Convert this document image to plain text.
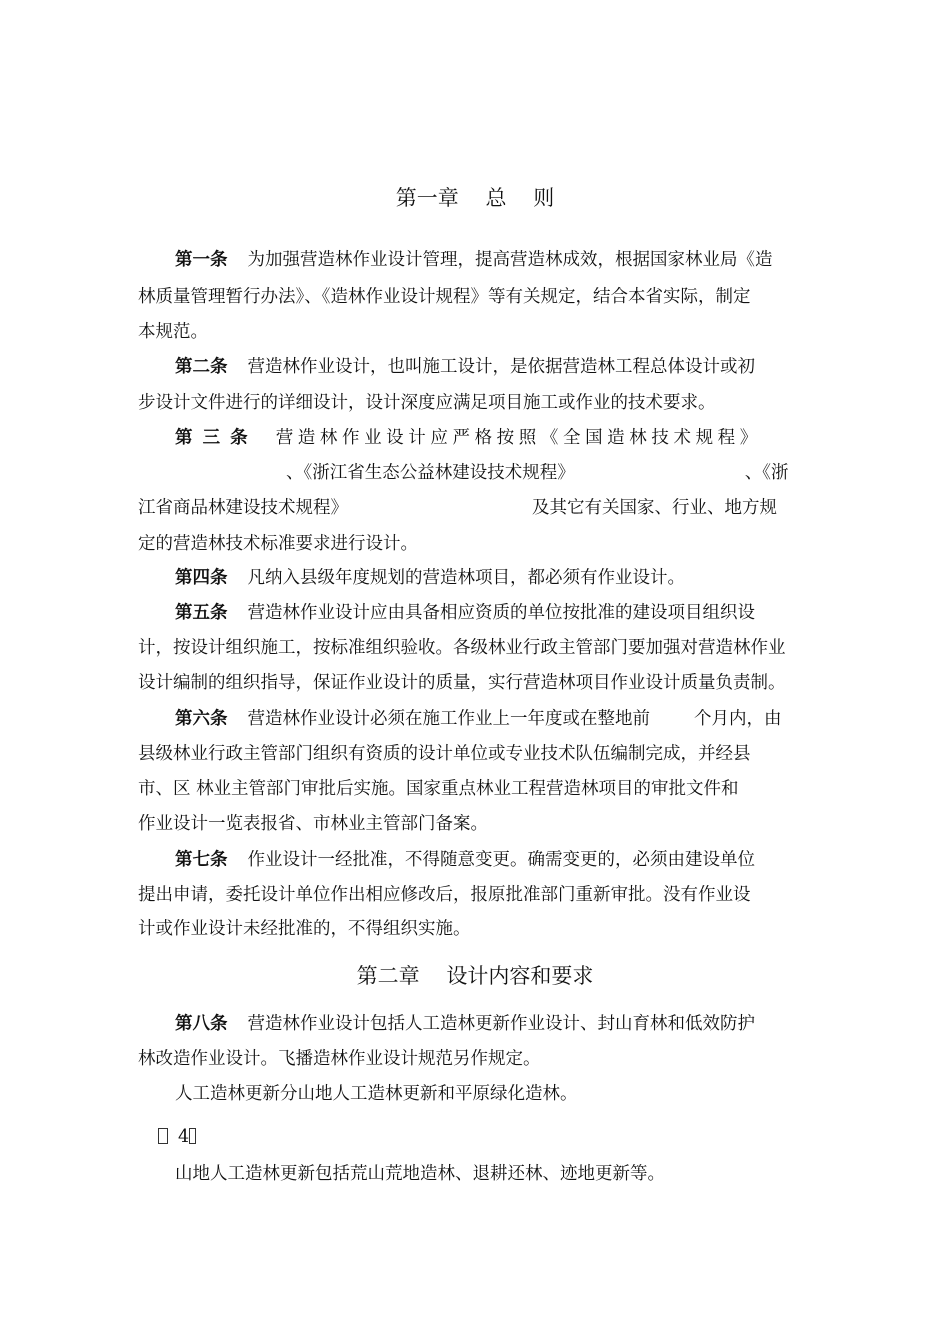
第一章    总    则
第一条 为加强营造林作业设计管理，提高营造林成效，根据国家林业局《造
林质量管理暂行办法》、《造林作业设计规程》等有关规定，结合本省实际，制定
本规范。
第二条 营造林作业设计，也叫施工设计，是依据营造林工程总体设计或初
步设计文件进行的详细设计，设计深度应满足项目施工或作业的技术要求。
第 三 条 营造林作业设计应严格按照《全国造林技术规程》
、《浙江省生态公益林建设技术规程》	、《浙
江省商品林建设技术规程》	及其它有关国家、行业、地方规
定的营造林技术标准要求进行设计。
第四条 凡纳入县级年度规划的营造林项目，都必须有作业设计。
第五条 营造林作业设计应由具备相应资质的单位按批准的建设项目组织设
计，按设计组织施工，按标准组织验收。各级林业行政主管部门要加强对营造林作业
设计编制的组织指导，保证作业设计的质量，实行营造林项目作业设计质量负责制。
第六条 营造林作业设计必须在施工作业上一年度或在整地前	个月内，由
县级林业行政主管部门组织有资质的设计单位或专业技术队伍编制完成，并经县
市、区 林业主管部门审批后实施。国家重点林业工程营造林项目的审批文件和
作业设计一览表报省、市林业主管部门备案。
第七条 作业设计一经批准，不得随意变更。确需变更的，必须由建设单位
提出申请，委托设计单位作出相应修改后，报原批准部门重新审批。没有作业设
计或作业设计未经批准的，不得组织实施。
第二章    设计内容和要求
第八条 营造林作业设计包括人工造林更新作业设计、封山育林和低效防护
林改造作业设计。飞播造林作业设计规范另作规定。
人工造林更新分山地人工造林更新和平原绿化造林。
4
山地人工造林更新包括荒山荒地造林、退耕还林、迹地更新等。
